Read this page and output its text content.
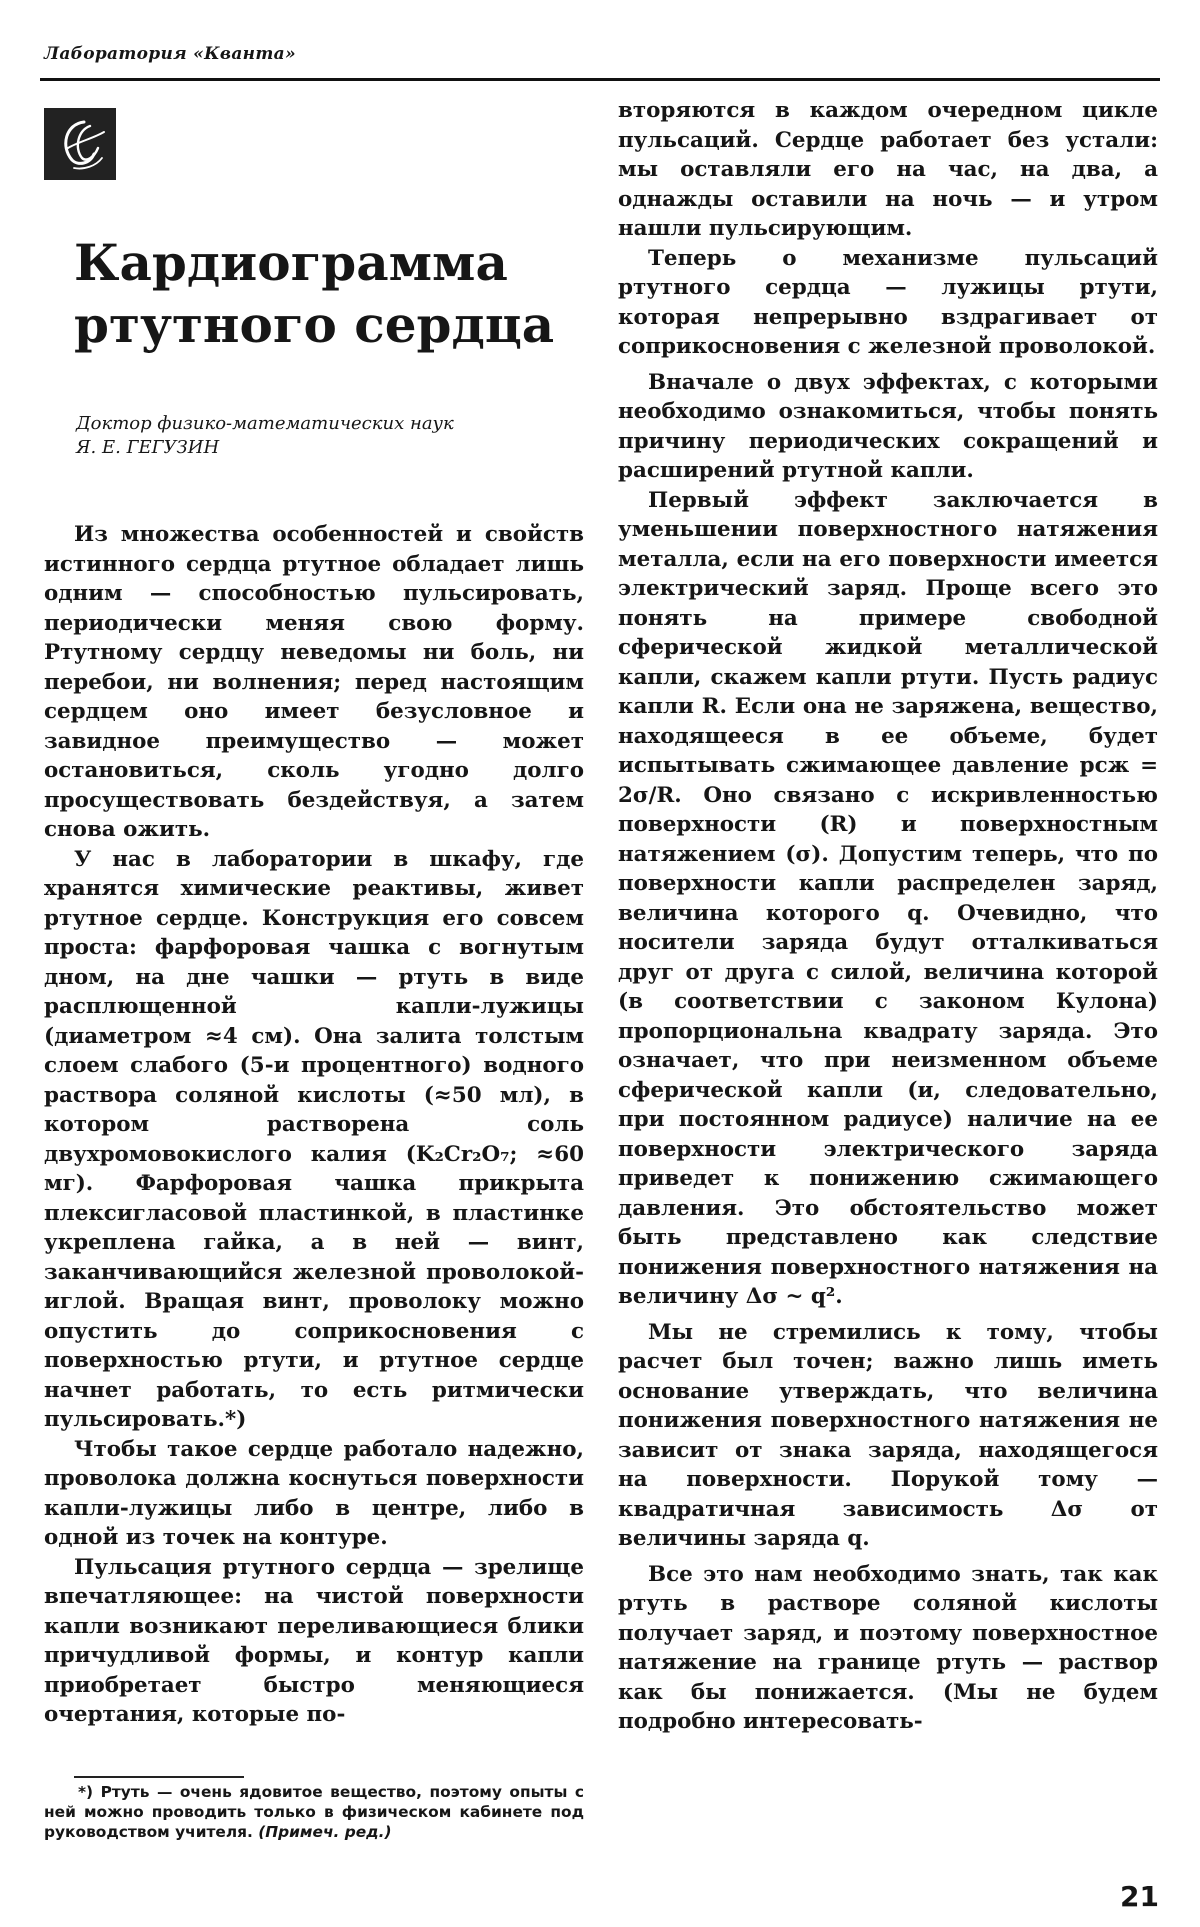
Лаборатория «Кванта»
Кардиограмма
ртутного сердца
Доктор физико-математических наук
Я. Е. ГЕГУЗИН

Из множества особенностей и свойств истинного сердца ртутное обладает лишь одним — способностью пульсировать, периодически меняя свою форму. Ртутному сердцу неведомы ни боль, ни перебои, ни волнения; перед настоящим сердцем оно имеет безусловное и завидное преимущество — может остановиться, сколь угодно долго просуществовать бездействуя, а затем снова ожить.

У нас в лаборатории в шкафу, где хранятся химические реактивы, живет ртутное сердце. Конструкция его совсем проста: фарфоровая чашка с вогнутым дном, на дне чашки — ртуть в виде расплющенной капли-лужицы (диаметром ≈4 см). Она залита толстым слоем слабого (5-и процентного) водного раствора соляной кислоты (≈50 мл), в котором растворена соль двухромовокислого калия (K₂Cr₂O₇; ≈60 мг). Фарфоровая чашка прикрыта плексигласовой пластинкой, в пластинке укреплена гайка, а в ней — винт, заканчивающийся железной проволокой-иглой. Вращая винт, проволоку можно опустить до соприкосновения с поверхностью ртути, и ртутное сердце начнет работать, то есть ритмически пульсировать.*)

Чтобы такое сердце работало надежно, проволока должна коснуться поверхности капли-лужицы либо в центре, либо в одной из точек на контуре.

Пульсация ртутного сердца — зрелище впечатляющее: на чистой поверхности капли возникают переливающиеся блики причудливой формы, и контур капли приобретает быстро меняющиеся очертания, которые по-

*) Ртуть — очень ядовитое вещество, поэтому опыты с ней можно проводить только в физическом кабинете под руководством учителя. (Примеч. ред.)

вторяются в каждом очередном цикле пульсаций. Сердце работает без устали: мы оставляли его на час, на два, а однажды оставили на ночь — и утром нашли пульсирующим.

Теперь о механизме пульсаций ртутного сердца — лужицы ртути, которая непрерывно вздрагивает от соприкосновения с железной проволокой.

Вначале о двух эффектах, с которыми необходимо ознакомиться, чтобы понять причину периодических сокращений и расширений ртутной капли.

Первый эффект заключается в уменьшении поверхностного натяжения металла, если на его поверхности имеется электрический заряд. Проще всего это понять на примере свободной сферической жидкой металлической капли, скажем капли ртути. Пусть радиус капли R. Если она не заряжена, вещество, находящееся в ее объеме, будет испытывать сжимающее давление pсж = 2σ/R. Оно связано с искривленностью поверхности (R) и поверхностным натяжением (σ). Допустим теперь, что по поверхности капли распределен заряд, величина которого q. Очевидно, что носители заряда будут отталкиваться друг от друга с силой, величина которой (в соответствии с законом Кулона) пропорциональна квадрату заряда. Это означает, что при неизменном объеме сферической капли (и, следовательно, при постоянном радиусе) наличие на ее поверхности электрического заряда приведет к понижению сжимающего давления. Это обстоятельство может быть представлено как следствие понижения поверхностного натяжения на величину Δσ ~ q².

Мы не стремились к тому, чтобы расчет был точен; важно лишь иметь основание утверждать, что величина понижения поверхностного натяжения не зависит от знака заряда, находящегося на поверхности. Порукой тому — квадратичная зависимость Δσ от величины заряда q.

Все это нам необходимо знать, так как ртуть в растворе соляной кислоты получает заряд, и поэтому поверхностное натяжение на границе ртуть — раствор как бы понижается. (Мы не будем подробно интересовать-

21
